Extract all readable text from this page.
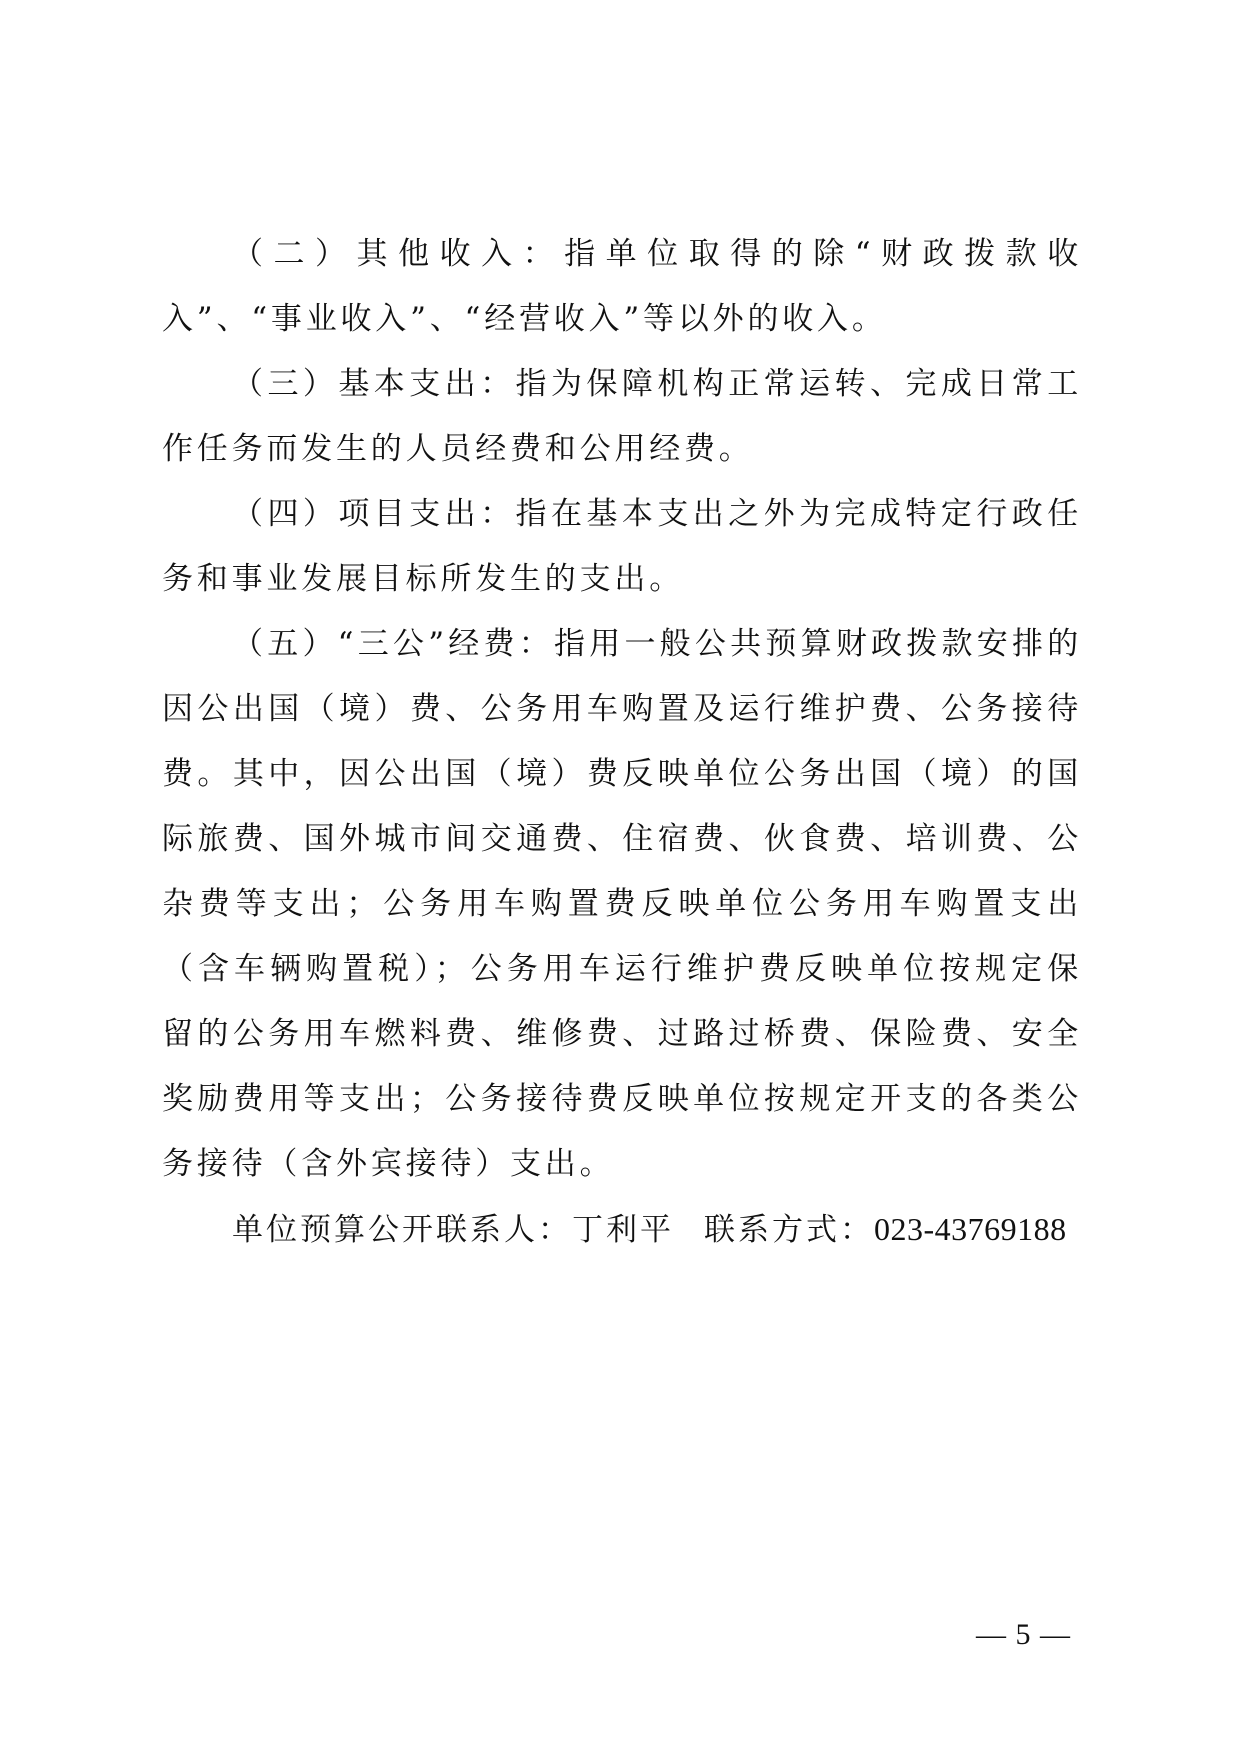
（二）其他收入：指单位取得的除“财政拨款收入”、“事业收入”、“经营收入”等以外的收入。

（三）基本支出：指为保障机构正常运转、完成日常工作任务而发生的人员经费和公用经费。

（四）项目支出：指在基本支出之外为完成特定行政任务和事业发展目标所发生的支出。

（五）“三公”经费：指用一般公共预算财政拨款安排的因公出国（境）费、公务用车购置及运行维护费、公务接待费。其中，因公出国（境）费反映单位公务出国（境）的国际旅费、国外城市间交通费、住宿费、伙食费、培训费、公杂费等支出；公务用车购置费反映单位公务用车购置支出（含车辆购置税）；公务用车运行维护费反映单位按规定保留的公务用车燃料费、维修费、过路过桥费、保险费、安全奖励费用等支出；公务接待费反映单位按规定开支的各类公务接待（含外宾接待）支出。

单位预算公开联系人：丁利平 联系方式：023-43769188

— 5 —
